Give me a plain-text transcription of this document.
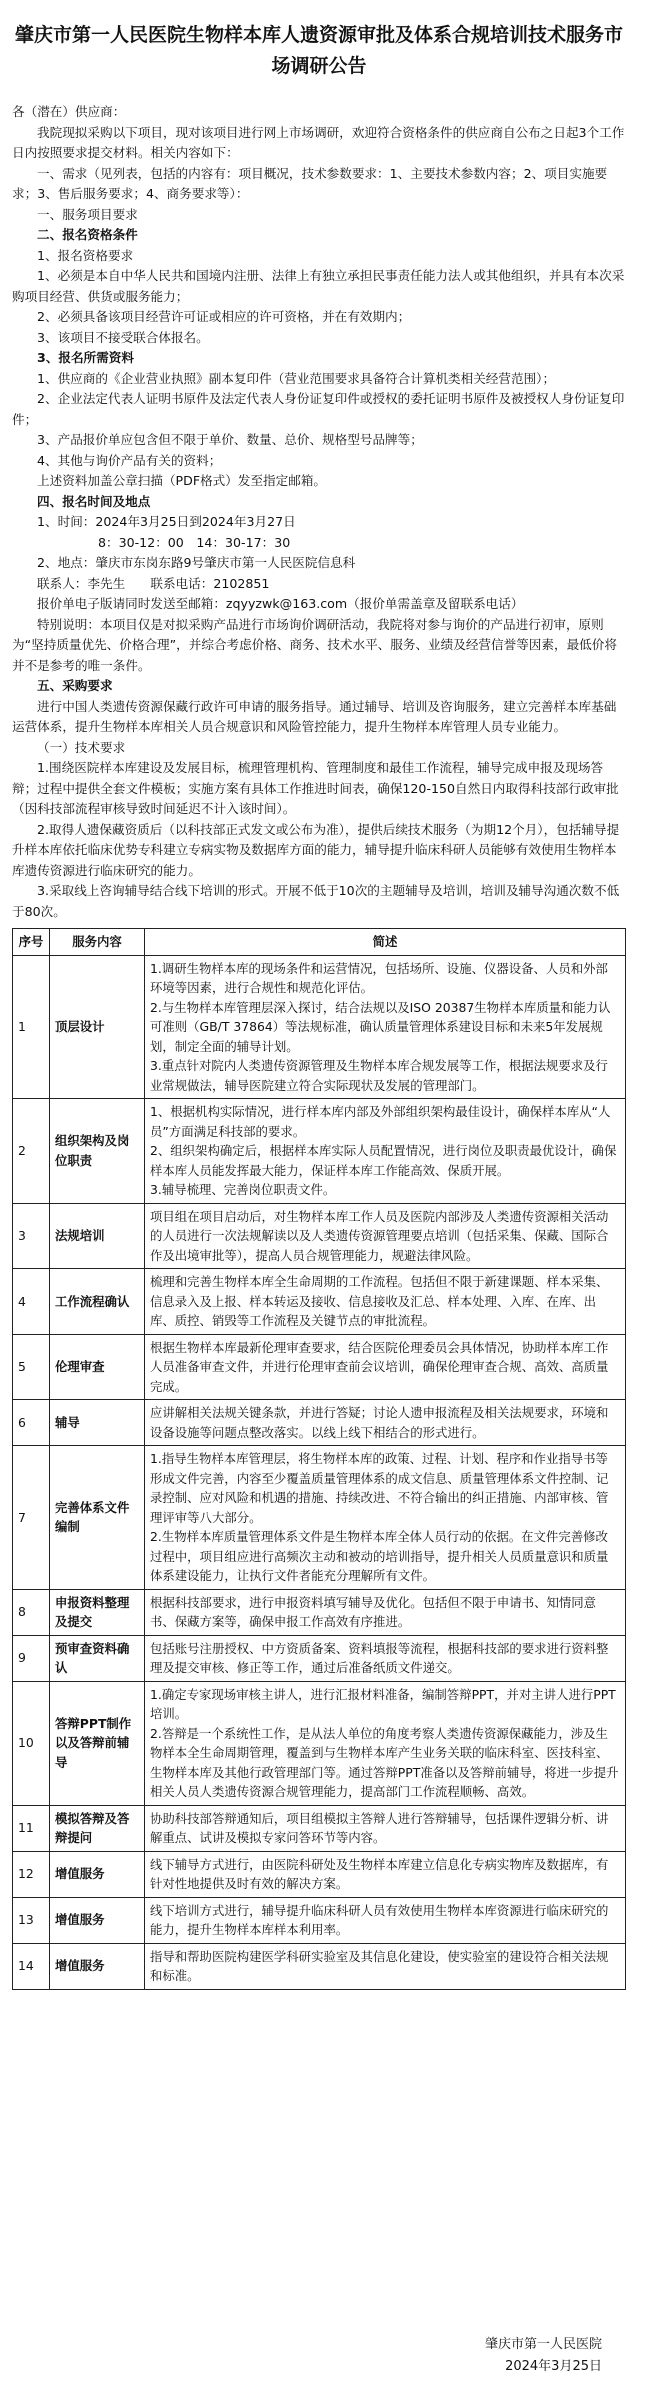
肇庆市第一人民医院生物样本库人遗资源审批及体系合规培训技术服务市场调研公告

各（潜在）供应商：

我院现拟采购以下项目，现对该项目进行网上市场调研，欢迎符合资格条件的供应商自公布之日起3个工作日内按照要求提交材料。相关内容如下：

一、需求（见列表，包括的内容有：项目概况，技术参数要求：1、主要技术参数内容；2、项目实施要求；3、售后服务要求；4、商务要求等）：

一、服务项目要求

二、报名资格条件

1、报名资格要求

1、必须是本自中华人民共和国境内注册、法律上有独立承担民事责任能力法人或其他组织，并具有本次采购项目经营、供货或服务能力；

2、必须具备该项目经营许可证或相应的许可资格，并在有效期内；

3、该项目不接受联合体报名。

3、报名所需资料

1、供应商的《企业营业执照》副本复印件（营业范围要求具备符合计算机类相关经营范围）；

2、企业法定代表人证明书原件及法定代表人身份证复印件或授权的委托证明书原件及被授权人身份证复印件；

3、产品报价单应包含但不限于单价、数量、总价、规格型号品牌等；

4、其他与询价产品有关的资料；

上述资料加盖公章扫描（PDF格式）发至指定邮箱。

四、报名时间及地点

1、时间：2024年3月25日到2024年3月27日

8：30-12：00　14：30-17：30

2、地点：肇庆市东岗东路9号肇庆市第一人民医院信息科

联系人：李先生　　联系电话：2102851

报价单电子版请同时发送至邮箱：zqyyzwk@163.com（报价单需盖章及留联系电话）

特别说明：本项目仅是对拟采购产品进行市场询价调研活动，我院将对参与询价的产品进行初审，原则为“坚持质量优先、价格合理”，并综合考虑价格、商务、技术水平、服务、业绩及经营信誉等因素，最低价将并不是参考的唯一条件。

五、采购要求

进行中国人类遗传资源保藏行政许可申请的服务指导。通过辅导、培训及咨询服务，建立完善样本库基础运营体系，提升生物样本库相关人员合规意识和风险管控能力，提升生物样本库管理人员专业能力。

（一）技术要求

1.围绕医院样本库建设及发展目标，梳理管理机构、管理制度和最佳工作流程，辅导完成申报及现场答辩；过程中提供全套文件模板；实施方案有具体工作推进时间表，确保120-150自然日内取得科技部行政审批（因科技部流程审核导致时间延迟不计入该时间）。

2.取得人遗保藏资质后（以科技部正式发文或公布为准），提供后续技术服务（为期12个月），包括辅导提升样本库依托临床优势专科建立专病实物及数据库方面的能力，辅导提升临床科研人员能够有效使用生物样本库遗传资源进行临床研究的能力。

3.采取线上咨询辅导结合线下培训的形式。开展不低于10次的主题辅导及培训，培训及辅导沟通次数不低于80次。

序号	服务内容	简述
1	顶层设计	1.调研生物样本库的现场条件和运营情况，包括场所、设施、仪器设备、人员和外部环境等因素，进行合规性和规范化评估。
2.与生物样本库管理层深入探讨，结合法规以及ISO 20387生物样本库质量和能力认可准则（GB/T 37864）等法规标准，确认质量管理体系建设目标和未来5年发展规划，制定全面的辅导计划。
3.重点针对院内人类遗传资源管理及生物样本库合规发展等工作，根据法规要求及行业常规做法，辅导医院建立符合实际现状及发展的管理部门。

2	组织架构及岗位职责	1、根据机构实际情况，进行样本库内部及外部组织架构最佳设计，确保样本库从“人员”方面满足科技部的要求。
2、组织架构确定后，根据样本库实际人员配置情况，进行岗位及职责最优设计，确保样本库人员能发挥最大能力，保证样本库工作能高效、保质开展。
3.辅导梳理、完善岗位职责文件。

3	法规培训	项目组在项目启动后，对生物样本库工作人员及医院内部涉及人类遗传资源相关活动的人员进行一次法规解读以及人类遗传资源管理要点培训（包括采集、保藏、国际合作及出境审批等），提高人员合规管理能力，规避法律风险。

4	工作流程确认	梳理和完善生物样本库全生命周期的工作流程。包括但不限于新建课题、样本采集、信息录入及上报、样本转运及接收、信息接收及汇总、样本处理、入库、在库、出库、质控、销毁等工作流程及关键节点的审批流程。

5	伦理审查	根据生物样本库最新伦理审查要求，结合医院伦理委员会具体情况，协助样本库工作人员准备审查文件，并进行伦理审查前会议培训，确保伦理审查合规、高效、高质量完成。

6	辅导	应讲解相关法规关键条款，并进行答疑；讨论人遗申报流程及相关法规要求，环境和设备设施等问题点整改落实。以线上线下相结合的形式进行。

7	完善体系文件编制	1.指导生物样本库管理层，将生物样本库的政策、过程、计划、程序和作业指导书等形成文件完善，内容至少覆盖质量管理体系的成文信息、质量管理体系文件控制、记录控制、应对风险和机遇的措施、持续改进、不符合输出的纠正措施、内部审核、管理评审等八大部分。
2.生物样本库质量管理体系文件是生物样本库全体人员行动的依据。在文件完善修改过程中，项目组应进行高频次主动和被动的培训指导，提升相关人员质量意识和质量体系建设能力，让执行文件者能充分理解所有文件。

8	申报资料整理及提交	根据科技部要求，进行申报资料填写辅导及优化。包括但不限于申请书、知情同意书、保藏方案等，确保申报工作高效有序推进。

9	预审查资料确认	包括账号注册授权、中方资质备案、资料填报等流程，根据科技部的要求进行资料整理及提交审核、修正等工作，通过后准备纸质文件递交。

10	答辩PPT制作以及答辩前辅导	1.确定专家现场审核主讲人，进行汇报材料准备，编制答辩PPT，并对主讲人进行PPT培训。
2.答辩是一个系统性工作，是从法人单位的角度考察人类遗传资源保藏能力，涉及生物样本全生命周期管理，覆盖到与生物样本库产生业务关联的临床科室、医技科室、生物样本库及其他行政管理部门等。通过答辩PPT准备以及答辩前辅导，将进一步提升相关人员人类遗传资源合规管理能力，提高部门工作流程顺畅、高效。

11	模拟答辩及答辩提问	协助科技部答辩通知后，项目组模拟主答辩人进行答辩辅导，包括课件逻辑分析、讲解重点、试讲及模拟专家问答环节等内容。

12	增值服务	线下辅导方式进行，由医院科研处及生物样本库建立信息化专病实物库及数据库，有针对性地提供及时有效的解决方案。

13	增值服务	线下培训方式进行，辅导提升临床科研人员有效使用生物样本库资源进行临床研究的能力，提升生物样本库样本利用率。

14	增值服务	指导和帮助医院构建医学科研实验室及其信息化建设，使实验室的建设符合相关法规和标准。
肇庆市第一人民医院
2024年3月25日
